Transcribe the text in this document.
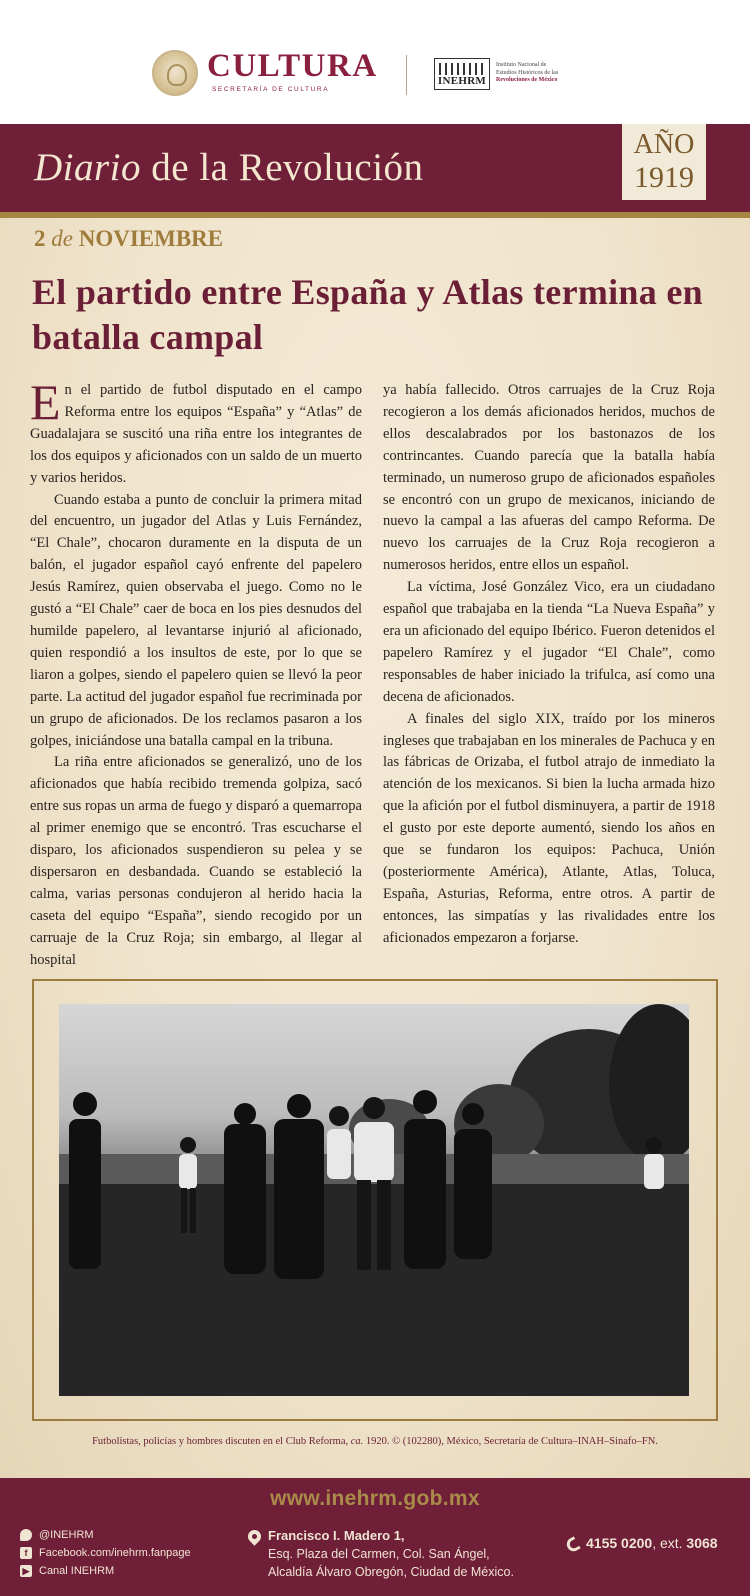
CULTURA
SECRETARÍA DE CULTURA
INEHRM
Instituto Nacional de
Estudios Históricos de las
Revoluciones de México
Diario de la Revolución
AÑO
1919
2 de NOVIEMBRE
El partido entre España y Atlas termina en batalla campal

En el partido de futbol disputado en el campo Reforma entre los equipos “España” y “Atlas” de Guadalajara se suscitó una riña entre los integrantes de los dos equipos y aficionados con un saldo de un muerto y varios heridos.

Cuando estaba a punto de concluir la primera mitad del encuentro, un jugador del Atlas y Luis Fernández, “El Chale”, chocaron duramente en la disputa de un balón, el jugador español cayó enfrente del papelero Jesús Ramírez, quien observaba el juego. Como no le gustó a “El Chale” caer de boca en los pies desnudos del humilde papelero, al levantarse injurió al aficionado, quien respondió a los insultos de este, por lo que se liaron a golpes, siendo el papelero quien se llevó la peor parte. La actitud del jugador español fue recriminada por un grupo de aficionados. De los reclamos pasaron a los golpes, iniciándose una batalla campal en la tribuna.

La riña entre aficionados se generalizó, uno de los aficionados que había recibido tremenda golpiza, sacó entre sus ropas un arma de fuego y disparó a quemarropa al primer enemigo que se encontró. Tras escucharse el disparo, los aficionados suspendieron su pelea y se dispersaron en desbandada. Cuando se estableció la calma, varias personas condujeron al herido hacia la caseta del equipo “España”, siendo recogido por un carruaje de la Cruz Roja; sin embargo, al llegar al hospital

ya había fallecido. Otros carruajes de la Cruz Roja recogieron a los demás aficionados heridos, muchos de ellos descalabrados por los bastonazos de los contrincantes. Cuando parecía que la batalla había terminado, un numeroso grupo de aficionados españoles se encontró con un grupo de mexicanos, iniciando de nuevo la campal a las afueras del campo Reforma. De nuevo los carruajes de la Cruz Roja recogieron a numerosos heridos, entre ellos un español.

La víctima, José González Vico, era un ciudadano español que trabajaba en la tienda “La Nueva España” y era un aficionado del equipo Ibérico. Fueron detenidos el papelero Ramírez y el jugador “El Chale”, como responsables de haber iniciado la trifulca, así como una decena de aficionados.

A finales del siglo XIX, traído por los mineros ingleses que trabajaban en los minerales de Pachuca y en las fábricas de Orizaba, el futbol atrajo de inmediato la atención de los mexicanos. Si bien la lucha armada hizo que la afición por el futbol disminuyera, a partir de 1918 el gusto por este deporte aumentó, siendo los años en que se fundaron los equipos: Pachuca, Unión (posteriormente América), Atlante, Atlas, Toluca, España, Asturias, Reforma, entre otros. A partir de entonces, las simpatías y las rivalidades entre los aficionados empezaron a forjarse.

Futbolistas, policías y hombres discuten en el Club Reforma, ca. 1920. © (102280), México, Secretaría de Cultura–INAH–Sinafo–FN.
www.inehrm.gob.mx
@INEHRM
f	Facebook.com/inehrm.fanpage
▶ Canal INEHRM
Francisco I. Madero 1,
Esq. Plaza del Carmen, Col. San Ángel,
Alcaldía Álvaro Obregón, Ciudad de México.
4155 0200, ext. 3068
